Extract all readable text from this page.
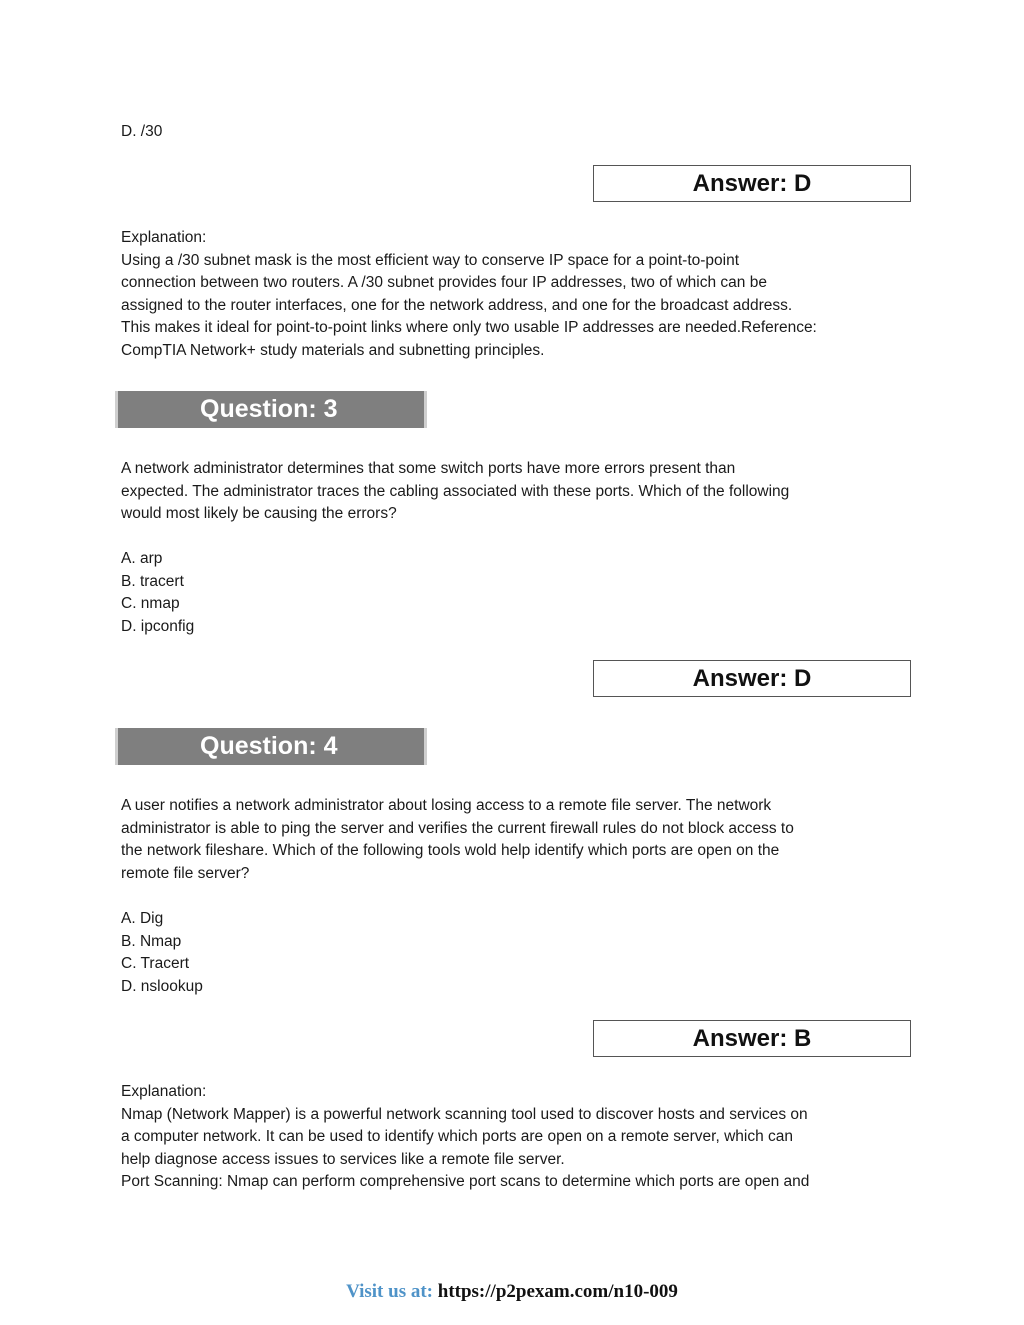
D. /30

Answer: D
Explanation:
Using a /30 subnet mask is the most efficient way to conserve IP space for a point-to-point
connection between two routers. A /30 subnet provides four IP addresses, two of which can be
assigned to the router interfaces, one for the network address, and one for the broadcast address.
This makes it ideal for point-to-point links where only two usable IP addresses are needed.Reference:
CompTIA Network+ study materials and subnetting principles.
Question: 3
A network administrator determines that some switch ports have more errors present than
expected. The administrator traces the cabling associated with these ports. Which of the following
would most likely be causing the errors?
A. arp
B. tracert
C. nmap
D. ipconfig
Answer: D
Question: 4
A user notifies a network administrator about losing access to a remote file server. The network
administrator is able to ping the server and verifies the current firewall rules do not block access to
the network fileshare. Which of the following tools wold help identify which ports are open on the
remote file server?
A. Dig
B. Nmap
C. Tracert
D. nslookup
Answer: B
Explanation:
Nmap (Network Mapper) is a powerful network scanning tool used to discover hosts and services on
a computer network. It can be used to identify which ports are open on a remote server, which can
help diagnose access issues to services like a remote file server.
Port Scanning: Nmap can perform comprehensive port scans to determine which ports are open and
Visit us at: https://p2pexam.com/n10-009
